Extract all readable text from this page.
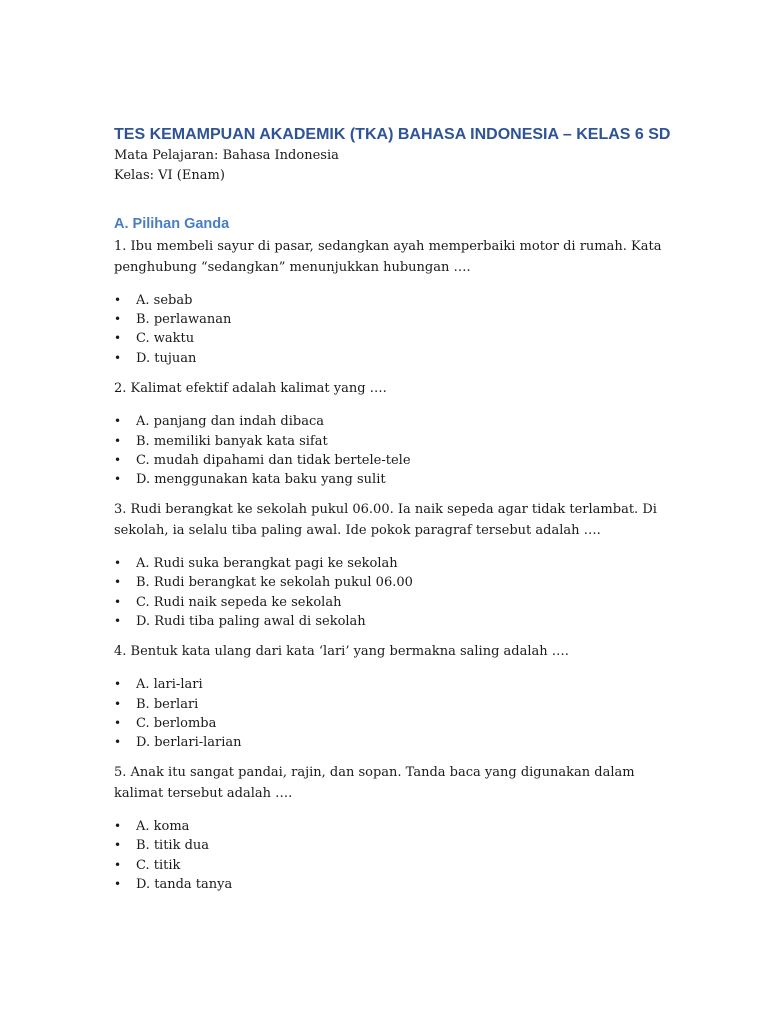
TES KEMAMPUAN AKADEMIK (TKA) BAHASA INDONESIA – KELAS 6 SD

Mata Pelajaran: Bahasa Indonesia

Kelas: VI (Enam)

A. Pilihan Ganda

1. Ibu membeli sayur di pasar, sedangkan ayah memperbaiki motor di rumah. Kata penghubung “sedangkan” menunjukkan hubungan ….

• A. sebab
• B. perlawanan
• C. waktu
• D. tujuan

2. Kalimat efektif adalah kalimat yang ….

• A. panjang dan indah dibaca
• B. memiliki banyak kata sifat
• C. mudah dipahami dan tidak bertele-tele
• D. menggunakan kata baku yang sulit

3. Rudi berangkat ke sekolah pukul 06.00. Ia naik sepeda agar tidak terlambat. Di sekolah, ia selalu tiba paling awal. Ide pokok paragraf tersebut adalah ….

• A. Rudi suka berangkat pagi ke sekolah
• B. Rudi berangkat ke sekolah pukul 06.00
• C. Rudi naik sepeda ke sekolah
• D. Rudi tiba paling awal di sekolah

4. Bentuk kata ulang dari kata ‘lari’ yang bermakna saling adalah ….

• A. lari-lari
• B. berlari
• C. berlomba
• D. berlari-larian

5. Anak itu sangat pandai, rajin, dan sopan. Tanda baca yang digunakan dalam kalimat tersebut adalah ….

• A. koma
• B. titik dua
• C. titik
• D. tanda tanya
